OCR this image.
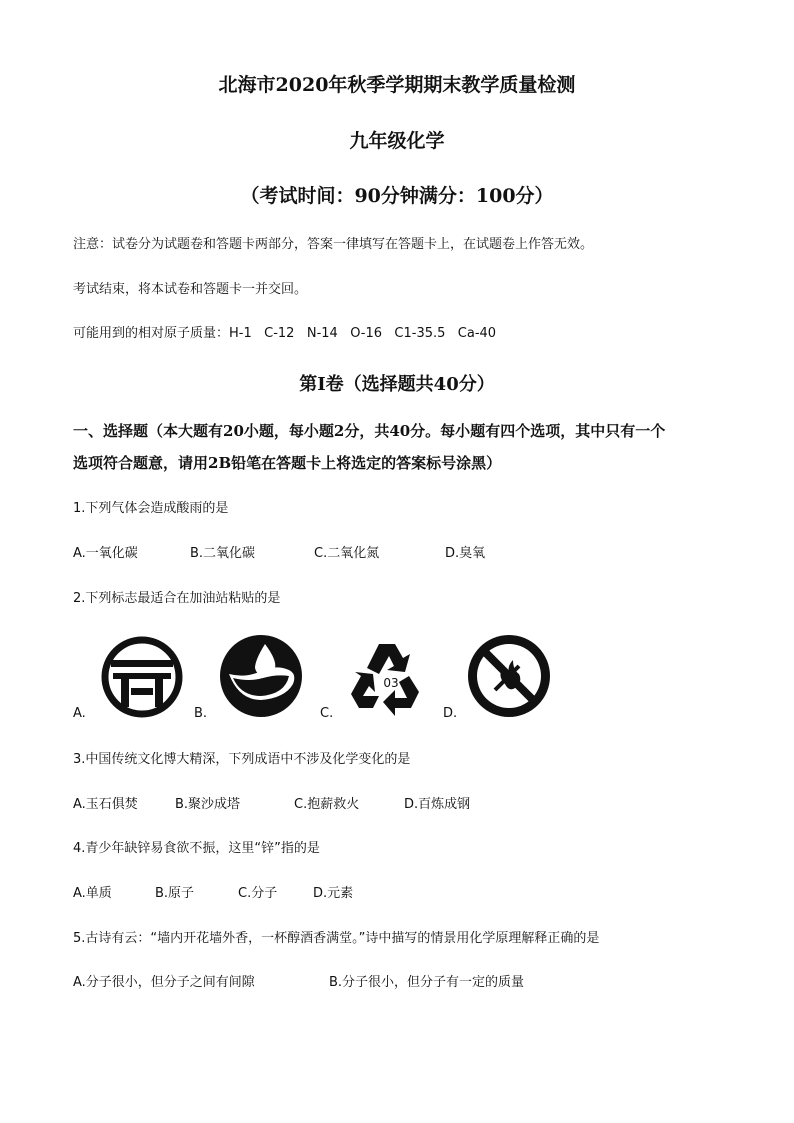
北海市2020年秋季学期期末教学质量检测
九年级化学
（考试时间：90分钟满分：100分）
注意：试卷分为试题卷和答题卡两部分，答案一律填写在答题卡上，在试题卷上作答无效。
考试结束，将本试卷和答题卡一并交回。
可能用到的相对原子质量：H-1   C-12   N-14   O-16   C1-35.5   Ca-40
第Ⅰ卷（选择题共40分）
一、选择题（本大题有20小题，每小题2分，共40分。每小题有四个选项，其中只有一个
选项符合题意，请用2B铅笔在答题卡上将选定的答案标号涂黑）
1.下列气体会造成酸雨的是
A.一氧化碳	B.二氧化碳	C.二氧化氮	D.臭氧
2.下列标志最适合在加油站粘贴的是
A.	B.	C.
03
D.
3.中国传统文化博大精深，下列成语中不涉及化学变化的是
A.玉石俱焚	B.聚沙成塔	C.抱薪救火	D.百炼成钢
4.青少年缺锌易食欲不振，这里“锌”指的是
A.单质	B.原子	C.分子	D.元素
5.古诗有云：“墙内开花墙外香，一杯醇酒香满堂。”诗中描写的情景用化学原理解释正确的是
A.分子很小，但分子之间有间隙	B.分子很小，但分子有一定的质量
